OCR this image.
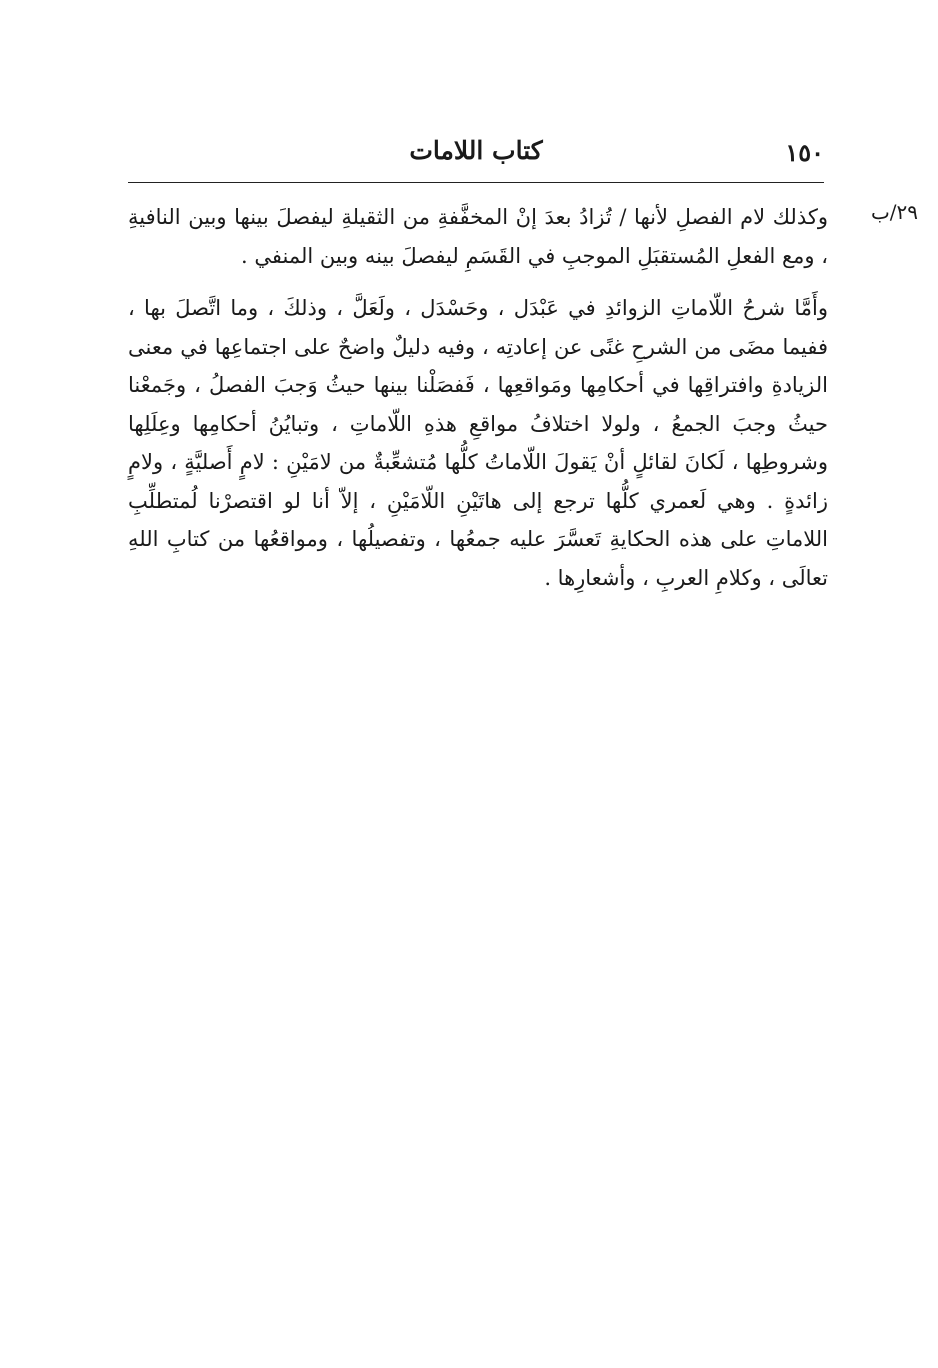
١٥٠
كتاب اللامات
٢٩/ب

وكذلك لام الفصلِ لأنها / تُزادُ بعدَ إنْ المخفَّفةِ من الثقيلةِ ليفصلَ بينها وبين النافيةِ ، ومع الفعلِ المُستقبَلِ الموجبِ في القَسَمِ ليفصلَ بينه وبين المنفي .

وأَمَّا شرحُ اللّاماتِ الزوائدِ في عَبْدَل ، وحَسْدَل ، ولَعَلَّ ، وذلكَ ، وما اتَّصلَ بها ، ففيما مضَى من الشرحِ غنًى عن إعادتِه ، وفيه دليلٌ واضحٌ على اجتماعِها في معنى الزيادةِ وافتراقِها في أحكامِها ومَواقعِها ، فَفصَلْنا بينها حيثُ وَجبَ الفصلُ ، وجَمعْنا حيثُ وجبَ الجمعُ ، ولولا اختلافُ مواقعِ هذهِ اللّاماتِ ، وتبايُنُ أحكامِها وعِلَلِها وشروطِها ، لَكانَ لقائلٍ أنْ يَقولَ اللّاماتُ كلُّها مُتشعِّبةٌ من لامَيْنِ : لامٍ أَصليَّةٍ ، ولامٍ زائدةٍ . وهي لَعمري كلُّها ترجع إلى هاتَيْنِ اللّامَيْنِ ، إلاّ أنا لو اقتصرْنا لُمتطلِّبِ اللاماتِ على هذه الحكايةِ تَعسَّرَ عليه جمعُها ، وتفصيلُها ، ومواقعُها من كتابِ اللهِ تعالَى ، وكلامِ العربِ ، وأشعارِها .
